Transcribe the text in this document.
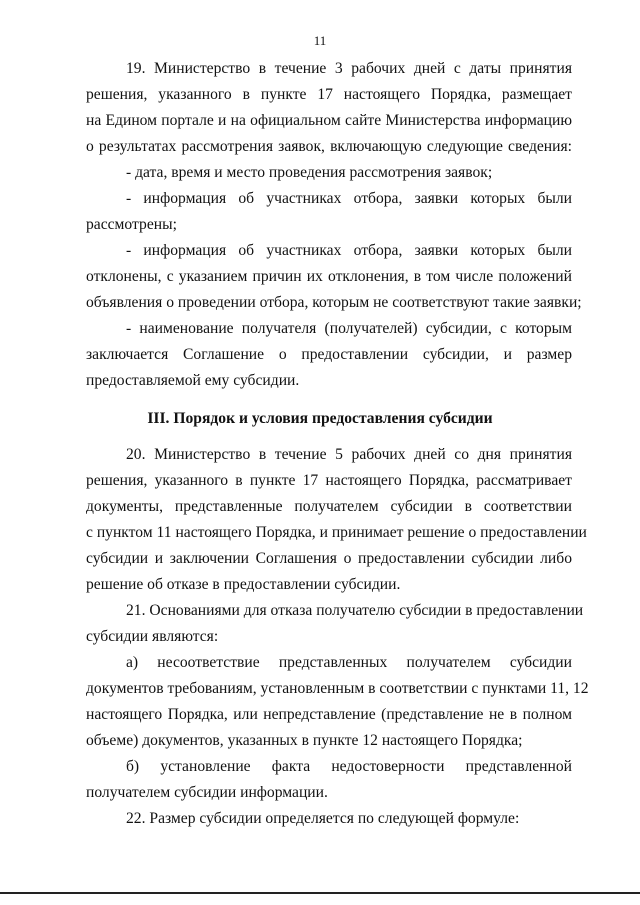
11
19. Министерство в течение 3 рабочих дней с даты принятия
решения, указанного в пункте 17 настоящего Порядка, размещает
на Едином портале и на официальном сайте Министерства информацию
о результатах рассмотрения заявок, включающую следующие сведения:
- дата, время и место проведения рассмотрения заявок;
- информация об участниках отбора, заявки которых были
рассмотрены;
- информация об участниках отбора, заявки которых были
отклонены, с указанием причин их отклонения, в том числе положений
объявления о проведении отбора, которым не соответствуют такие заявки;
- наименование получателя (получателей) субсидии, с которым
заключается Соглашение о предоставлении субсидии, и размер
предоставляемой ему субсидии.
III. Порядок и условия предоставления субсидии
20. Министерство в течение 5 рабочих дней со дня принятия
решения, указанного в пункте 17 настоящего Порядка, рассматривает
документы, представленные получателем субсидии в соответствии
с пунктом 11 настоящего Порядка, и принимает решение о предоставлении
субсидии и заключении Соглашения о предоставлении субсидии либо
решение об отказе в предоставлении субсидии.
21. Основаниями для отказа получателю субсидии в предоставлении
субсидии являются:
а) несоответствие представленных получателем субсидии
документов требованиям, установленным в соответствии с пунктами 11, 12
настоящего Порядка, или непредставление (представление не в полном
объеме) документов, указанных в пункте 12 настоящего Порядка;
б) установление факта недостоверности представленной
получателем субсидии информации.
22. Размер субсидии определяется по следующей формуле:
